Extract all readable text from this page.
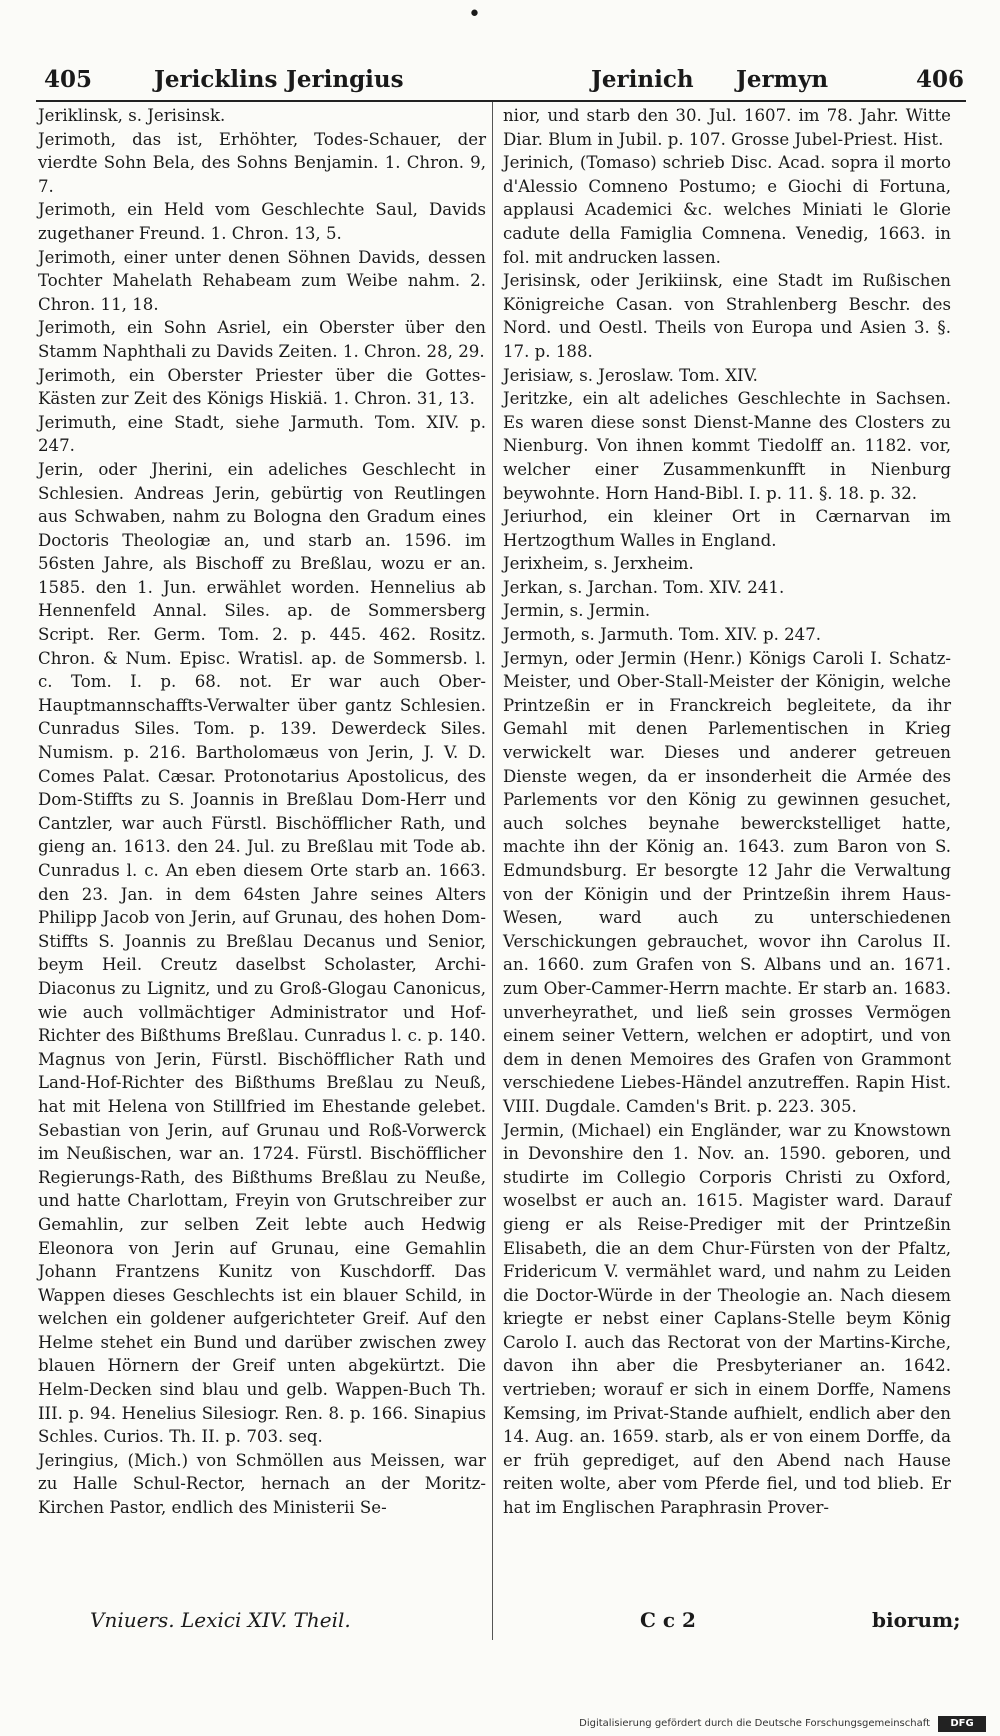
•
405	Jericklins Jeringius	Jerinich Jermyn	406

Jeriklinsk, s. Jerisinsk.

Jerimoth, das ist, Erhöhter, Todes-Schauer, der vierdte Sohn Bela, des Sohns Benjamin. 1. Chron. 9, 7.

Jerimoth, ein Held vom Geschlechte Saul, Davids zugethaner Freund. 1. Chron. 13, 5.

Jerimoth, einer unter denen Söhnen Davids, dessen Tochter Mahelath Rehabeam zum Weibe nahm. 2. Chron. 11, 18.

Jerimoth, ein Sohn Asriel, ein Oberster über den Stamm Naphthali zu Davids Zeiten. 1. Chron. 28, 29.

Jerimoth, ein Oberster Priester über die Gottes-Kästen zur Zeit des Königs Hiskiä. 1. Chron. 31, 13.

Jerimuth, eine Stadt, siehe Jarmuth. Tom. XIV. p. 247.

Jerin, oder Jherini, ein adeliches Geschlecht in Schlesien. Andreas Jerin, gebürtig von Reutlingen aus Schwaben, nahm zu Bologna den Gradum eines Doctoris Theologiæ an, und starb an. 1596. im 56sten Jahre, als Bischoff zu Breßlau, wozu er an. 1585. den 1. Jun. erwählet worden. Hennelius ab Hennenfeld Annal. Siles. ap. de Sommersberg Script. Rer. Germ. Tom. 2. p. 445. 462. Rositz. Chron. & Num. Episc. Wratisl. ap. de Sommersb. l. c. Tom. I. p. 68. not. Er war auch Ober-Hauptmannschaffts-Verwalter über gantz Schlesien. Cunradus Siles. Tom. p. 139. Dewerdeck Siles. Numism. p. 216. Bartholomæus von Jerin, J. V. D. Comes Palat. Cæsar. Protonotarius Apostolicus, des Dom-Stiffts zu S. Joannis in Breßlau Dom-Herr und Cantzler, war auch Fürstl. Bischöfflicher Rath, und gieng an. 1613. den 24. Jul. zu Breßlau mit Tode ab. Cunradus l. c. An eben diesem Orte starb an. 1663. den 23. Jan. in dem 64sten Jahre seines Alters Philipp Jacob von Jerin, auf Grunau, des hohen Dom-Stiffts S. Joannis zu Breßlau Decanus und Senior, beym Heil. Creutz daselbst Scholaster, Archi-Diaconus zu Lignitz, und zu Groß-Glogau Canonicus, wie auch vollmächtiger Administrator und Hof-Richter des Bißthums Breßlau. Cunradus l. c. p. 140. Magnus von Jerin, Fürstl. Bischöfflicher Rath und Land-Hof-Richter des Bißthums Breßlau zu Neuß, hat mit Helena von Stillfried im Ehestande gelebet. Sebastian von Jerin, auf Grunau und Roß-Vorwerck im Neußischen, war an. 1724. Fürstl. Bischöfflicher Regierungs-Rath, des Bißthums Breßlau zu Neuße, und hatte Charlottam, Freyin von Grutschreiber zur Gemahlin, zur selben Zeit lebte auch Hedwig Eleonora von Jerin auf Grunau, eine Gemahlin Johann Frantzens Kunitz von Kuschdorff. Das Wappen dieses Geschlechts ist ein blauer Schild, in welchen ein goldener aufgerichteter Greif. Auf den Helme stehet ein Bund und darüber zwischen zwey blauen Hörnern der Greif unten abgekürtzt. Die Helm-Decken sind blau und gelb. Wappen-Buch Th. III. p. 94. Henelius Silesiogr. Ren. 8. p. 166. Sinapius Schles. Curios. Th. II. p. 703. seq.

Jeringius, (Mich.) von Schmöllen aus Meissen, war zu Halle Schul-Rector, hernach an der Moritz-Kirchen Pastor, endlich des Ministerii Se-

nior, und starb den 30. Jul. 1607. im 78. Jahr. Witte Diar. Blum in Jubil. p. 107. Grosse Jubel-Priest. Hist.

Jerinich, (Tomaso) schrieb Disc. Acad. sopra il morto d'Alessio Comneno Postumo; e Giochi di Fortuna, applausi Academici &c. welches Miniati le Glorie cadute della Famiglia Comnena. Venedig, 1663. in fol. mit andrucken lassen.

Jerisinsk, oder Jerikiinsk, eine Stadt im Rußischen Königreiche Casan. von Strahlenberg Beschr. des Nord. und Oestl. Theils von Europa und Asien 3. §. 17. p. 188.

Jerisiaw, s. Jeroslaw. Tom. XIV.

Jeritzke, ein alt adeliches Geschlechte in Sachsen. Es waren diese sonst Dienst-Manne des Closters zu Nienburg. Von ihnen kommt Tiedolff an. 1182. vor, welcher einer Zusammenkunfft in Nienburg beywohnte. Horn Hand-Bibl. I. p. 11. §. 18. p. 32.

Jeriurhod, ein kleiner Ort in Cærnarvan im Hertzogthum Walles in England.

Jerixheim, s. Jerxheim.

Jerkan, s. Jarchan. Tom. XIV. 241.

Jermin, s. Jermin.

Jermoth, s. Jarmuth. Tom. XIV. p. 247.

Jermyn, oder Jermin (Henr.) Königs Caroli I. Schatz-Meister, und Ober-Stall-Meister der Königin, welche Printzeßin er in Franckreich begleitete, da ihr Gemahl mit denen Parlementischen in Krieg verwickelt war. Dieses und anderer getreuen Dienste wegen, da er insonderheit die Armée des Parlements vor den König zu gewinnen gesuchet, auch solches beynahe bewerckstelliget hatte, machte ihn der König an. 1643. zum Baron von S. Edmundsburg. Er besorgte 12 Jahr die Verwaltung von der Königin und der Printzeßin ihrem Haus-Wesen, ward auch zu unterschiedenen Verschickungen gebrauchet, wovor ihn Carolus II. an. 1660. zum Grafen von S. Albans und an. 1671. zum Ober-Cammer-Herrn machte. Er starb an. 1683. unverheyrathet, und ließ sein grosses Vermögen einem seiner Vettern, welchen er adoptirt, und von dem in denen Memoires des Grafen von Grammont verschiedene Liebes-Händel anzutreffen. Rapin Hist. VIII. Dugdale. Camden's Brit. p. 223. 305.

Jermin, (Michael) ein Engländer, war zu Knowstown in Devonshire den 1. Nov. an. 1590. geboren, und studirte im Collegio Corporis Christi zu Oxford, woselbst er auch an. 1615. Magister ward. Darauf gieng er als Reise-Prediger mit der Printzeßin Elisabeth, die an dem Chur-Fürsten von der Pfaltz, Fridericum V. vermählet ward, und nahm zu Leiden die Doctor-Würde in der Theologie an. Nach diesem kriegte er nebst einer Caplans-Stelle beym König Carolo I. auch das Rectorat von der Martins-Kirche, davon ihn aber die Presbyterianer an. 1642. vertrieben; worauf er sich in einem Dorffe, Namens Kemsing, im Privat-Stande aufhielt, endlich aber den 14. Aug. an. 1659. starb, als er von einem Dorffe, da er früh geprediget, auf den Abend nach Hause reiten wolte, aber vom Pferde fiel, und tod blieb. Er hat im Englischen Paraphrasin Prover-

Vniuers. Lexici XIV. Theil.	C c 2	biorum;
Digitalisierung gefördert durch die Deutsche Forschungsgemeinschaft	DFG
